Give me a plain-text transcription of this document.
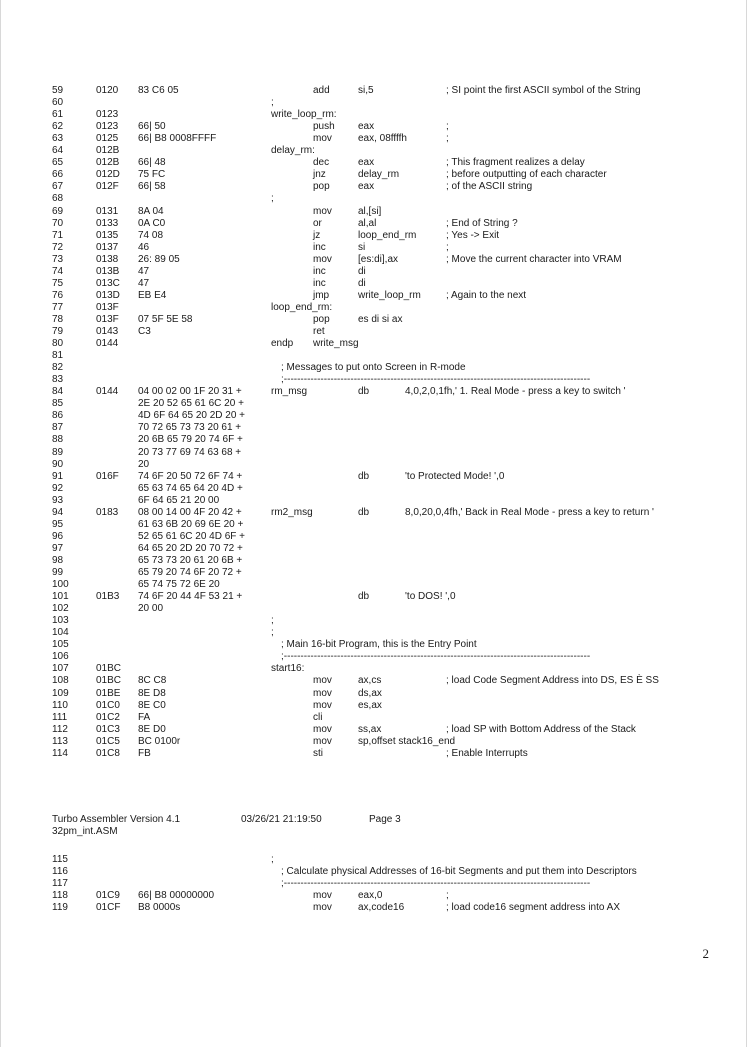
59	0120 83 C6 05	add	si,5	; SI point the first ASCII symbol of the String
60	;
61	0123	write_loop_rm:
62	0123 66| 50	push eax	;
63	0125 66| B8 0008FFFF	mov	eax, 08ffffh	;
64	012B	delay_rm:
65	012B 66| 48	dec	eax	; This fragment realizes a delay
66	012D 75 FC	jnz	delay_rm	; before outputting of each character
67	012F 66| 58	pop	eax	; of the ASCII string
68	;
69	0131 8A 04	mov	al,[si]
70	0133 0A C0	or	al,al	; End of String ?
71	0135 74 08	jz	loop_end_rm	; Yes -> Exit
72	0137 46	inc	si	;
73	0138 26: 89 05	mov	[es:di],ax	; Move the current character into VRAM
74	013B 47	inc	di
75	013C 47	inc	di
76	013D EB E4	jmp	write_loop_rm	; Again to the next
77	013F	loop_end_rm:
78	013F 07 5F 5E 58	pop	es di si ax
79	0143 C3	ret
80	0144	endp write_msg
81
82	; Messages to put onto Screen in R-mode
83	;--------------------------------------------------------------------------------------------
84	0144 04 00 02 00 1F 20 31 +	rm_msg	db	4,0,2,0,1fh,' 1. Real Mode - press a key to switch '
85	2E 20 52 65 61 6C 20 +
86	4D 6F 64 65 20 2D 20 +
87	70 72 65 73 73 20 61 +
88	20 6B 65 79 20 74 6F +
89	20 73 77 69 74 63 68 +
90	20
91	016F 74 6F 20 50 72 6F 74 +	db	'to Protected Mode! ',0
92	65 63 74 65 64 20 4D +
93	6F 64 65 21 20 00
94	0183 08 00 14 00 4F 20 42 +	rm2_msg	db	8,0,20,0,4fh,' Back in Real Mode - press a key to return '
95	61 63 6B 20 69 6E 20 +
96	52 65 61 6C 20 4D 6F +
97	64 65 20 2D 20 70 72 +
98	65 73 73 20 61 20 6B +
99	65 79 20 74 6F 20 72 +
100	65 74 75 72 6E 20
101	01B3 74 6F 20 44 4F 53 21 +	db	'to DOS! ',0
102	20 00
103	;
104	;
105	; Main 16-bit Program, this is the Entry Point
106	;--------------------------------------------------------------------------------------------
107	01BC	start16:
108	01BC 8C C8	mov	ax,cs	; load Code Segment Address into DS, ES È SS
109	01BE 8E D8	mov	ds,ax
110	01C0 8E C0	mov	es,ax
111	01C2 FA	cli
112	01C3 8E D0	mov	ss,ax	; load SP with Bottom Address of the Stack
113	01C5 BC 0100r	mov	sp,offset stack16_end
114	01C8 FB	sti	; Enable Interrupts
Turbo Assembler Version 4.1	03/26/21 21:19:50	Page 3
32pm_int.ASM
115	;
116	; Calculate physical Addresses of 16-bit Segments and put them into Descriptors
117	;--------------------------------------------------------------------------------------------
118	01C9 66| B8 00000000	mov	eax,0	;
119	01CF B8 0000s	mov	ax,code16	; load code16 segment address into AX
2
